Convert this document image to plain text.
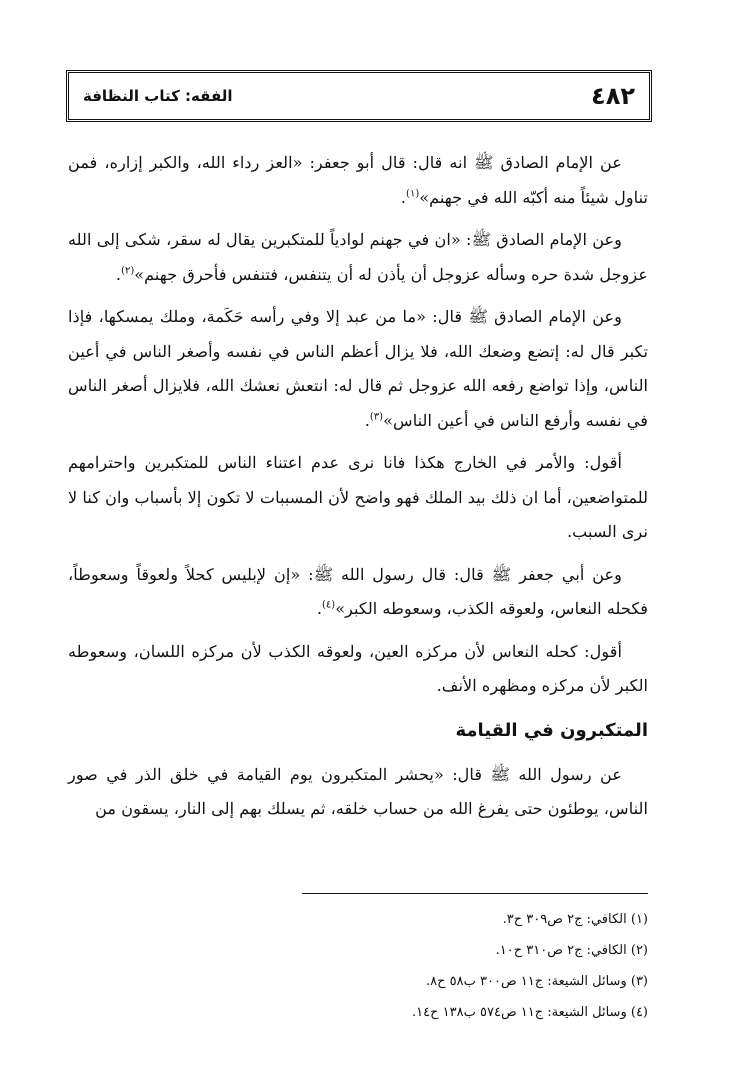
٤٨٢
الفقه: كتاب النظافة

عن الإمام الصادق ﷺ انه قال: قال أبو جعفر: «العز رداء الله، والكبر إزاره، فمن تناول شيئاً منه أكبّه الله في جهنم»$^{(١)}$.

وعن الإمام الصادق ﷺ: «ان في جهنم لوادياً للمتكبرين يقال له سقر، شكى إلى الله عزوجل شدة حره وسأله عزوجل أن يأذن له أن يتنفس، فتنفس فأحرق جهنم»$^{(٢)}$.

وعن الإمام الصادق ﷺ قال: «ما من عبد إلا وفي رأسه حَكَمة، وملك يمسكها، فإذا تكبر قال له: إتضع وضعك الله، فلا يزال أعظم الناس في نفسه وأصغر الناس في أعين الناس، وإذا تواضع رفعه الله عزوجل ثم قال له: انتعش نعشك الله، فلايزال أصغر الناس في نفسه وأرفع الناس في أعين الناس»$^{(٣)}$.

أقول: والأمر في الخارج هكذا فانا نرى عدم اعتناء الناس للمتكبرين واحترامهم للمتواضعين، أما ان ذلك بيد الملك فهو واضح لأن المسببات لا تكون إلا بأسباب وان كنا لا نرى السبب.

وعن أبي جعفر ﷺ قال: قال رسول الله ﷺ: «إن لإبليس كحلاً ولعوقاً وسعوطاً، فكحله النعاس، ولعوقه الكذب، وسعوطه الكبر»$^{(٤)}$.

أقول: كحله النعاس لأن مركزه العين، ولعوقه الكذب لأن مركزه اللسان، وسعوطه الكبر لأن مركزه ومظهره الأنف.

المتكبرون في القيامة

عن رسول الله ﷺ قال: «يحشر المتكبرون يوم القيامة في خلق الذر في صور الناس، يوطئون حتى يفرغ الله من حساب خلقه، ثم يسلك بهم إلى النار، يسقون من

(١) الكافي: ج٢ ص٣٠٩ ح٣.
(٢) الكافي: ج٢ ص٣١٠ ح١٠.
(٣) وسائل الشيعة: ج١١ ص٣٠٠ ب٥٨ ح٨.
(٤) وسائل الشيعة: ج١١ ص٥٧٤ ب١٣٨ ح١٤.
